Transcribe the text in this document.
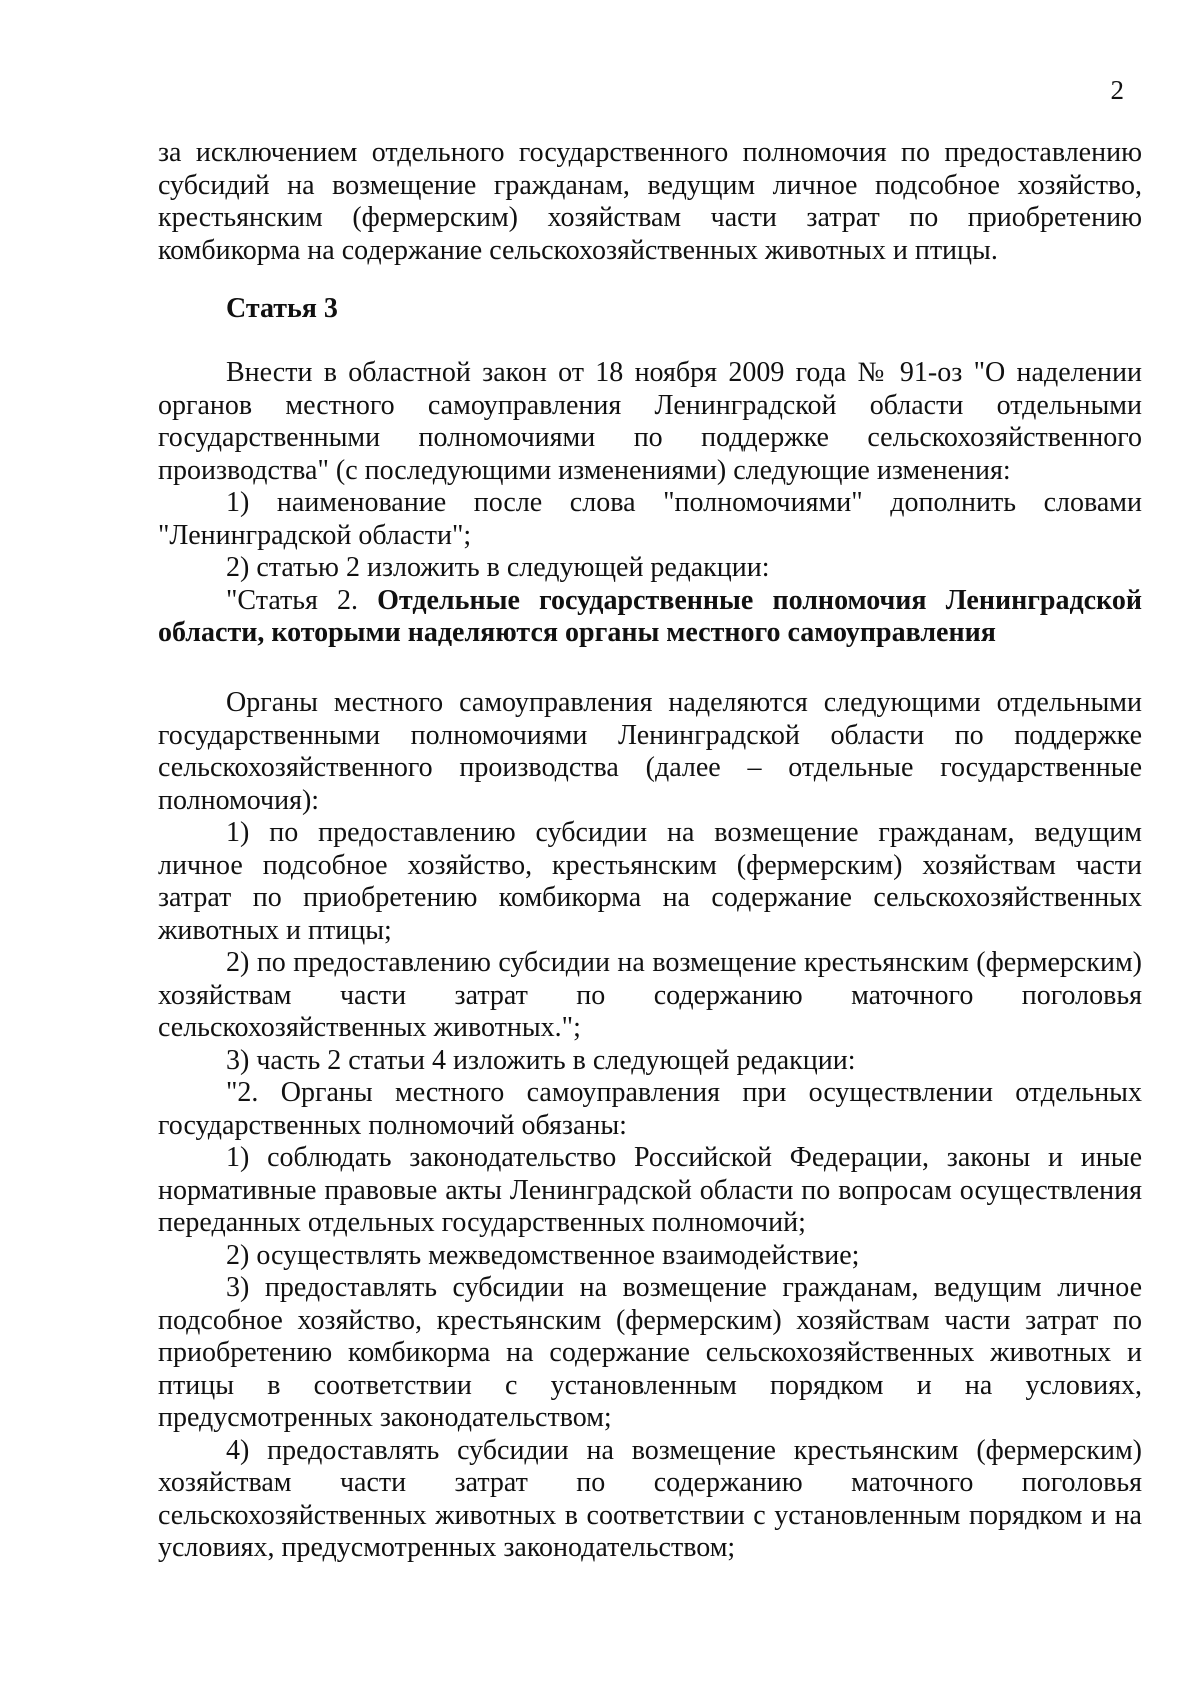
2

за исключением отдельного государственного полномочия по предоставлению субсидий на возмещение гражданам, ведущим личное подсобное хозяйство, крестьянским (фермерским) хозяйствам части затрат по приобретению комбикорма на содержание сельскохозяйственных животных и птицы.

Статья 3

Внести в областной закон от 18 ноября 2009 года № 91-оз "О наделении органов местного самоуправления Ленинградской области отдельными государственными полномочиями по поддержке сельскохозяйственного производства" (с последующими изменениями) следующие изменения:

1) наименование после слова "полномочиями" дополнить словами "Ленинградской области";

2) статью 2 изложить в следующей редакции:

"Статья 2. Отдельные государственные полномочия Ленинградской области, которыми наделяются органы местного самоуправления

Органы местного самоуправления наделяются следующими отдельными государственными полномочиями Ленинградской области по поддержке сельскохозяйственного производства (далее – отдельные государственные полномочия):

1) по предоставлению субсидии на возмещение гражданам, ведущим личное подсобное хозяйство, крестьянским (фермерским) хозяйствам части затрат по приобретению комбикорма на содержание сельскохозяйственных животных и птицы;

2) по предоставлению субсидии на возмещение крестьянским (фермерским) хозяйствам части затрат по содержанию маточного поголовья сельскохозяйственных животных.";

3) часть 2 статьи 4 изложить в следующей редакции:

"2. Органы местного самоуправления при осуществлении отдельных государственных полномочий обязаны:

1) соблюдать законодательство Российской Федерации, законы и иные нормативные правовые акты Ленинградской области по вопросам осуществления переданных отдельных государственных полномочий;

2) осуществлять межведомственное взаимодействие;

3) предоставлять субсидии на возмещение гражданам, ведущим личное подсобное хозяйство, крестьянским (фермерским) хозяйствам части затрат по приобретению комбикорма на содержание сельскохозяйственных животных и птицы в соответствии с установленным порядком и на условиях, предусмотренных законодательством;

4) предоставлять субсидии на возмещение крестьянским (фермерским) хозяйствам части затрат по содержанию маточного поголовья сельскохозяйственных животных в соответствии с установленным порядком и на условиях, предусмотренных законодательством;
